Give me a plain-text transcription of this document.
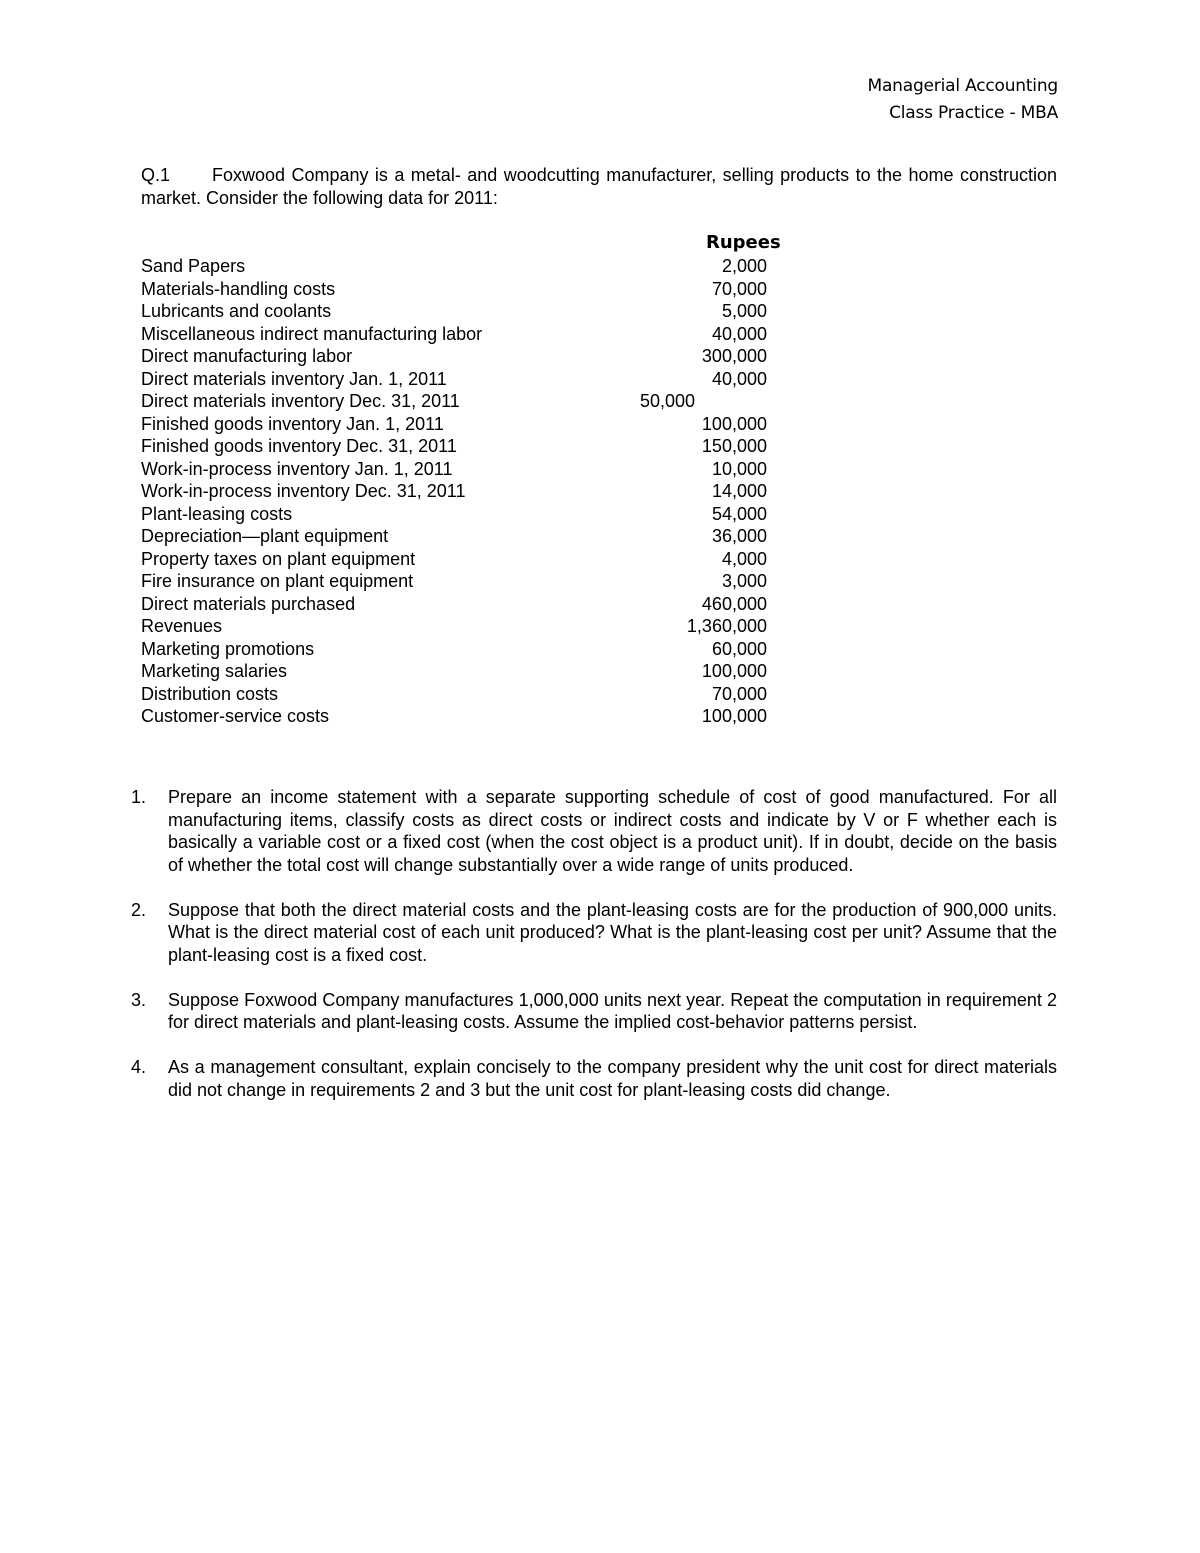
Managerial Accounting
Class Practice - MBA
Q.1 Foxwood Company is a metal- and woodcutting manufacturer, selling products to the home construction market. Consider the following data for 2011:
Rupees
Sand Papers	2,000
Materials-handling costs	70,000
Lubricants and coolants	5,000
Miscellaneous indirect manufacturing labor	40,000
Direct manufacturing labor	300,000
Direct materials inventory Jan. 1, 2011	40,000
Direct materials inventory Dec. 31, 2011	50,000
Finished goods inventory Jan. 1, 2011	100,000
Finished goods inventory Dec. 31, 2011	150,000
Work-in-process inventory Jan. 1, 2011	10,000
Work-in-process inventory Dec. 31, 2011	14,000
Plant-leasing costs	54,000
Depreciation—plant equipment	36,000
Property taxes on plant equipment	4,000
Fire insurance on plant equipment	3,000
Direct materials purchased	460,000
Revenues	1,360,000
Marketing promotions	60,000
Marketing salaries	100,000
Distribution costs	70,000
Customer-service costs	100,000
1. Prepare an income statement with a separate supporting schedule of cost of good manufactured. For all manufacturing items, classify costs as direct costs or indirect costs and indicate by V or F whether each is basically a variable cost or a fixed cost (when the cost object is a product unit). If in doubt, decide on the basis of whether the total cost will change substantially over a wide range of units produced.
2. Suppose that both the direct material costs and the plant-leasing costs are for the production of 900,000 units. What is the direct material cost of each unit produced? What is the plant-leasing cost per unit? Assume that the plant-leasing cost is a fixed cost.
3. Suppose Foxwood Company manufactures 1,000,000 units next year. Repeat the computation in requirement 2 for direct materials and plant-leasing costs. Assume the implied cost-behavior patterns persist.
4. As a management consultant, explain concisely to the company president why the unit cost for direct materials did not change in requirements 2 and 3 but the unit cost for plant-leasing costs did change.
